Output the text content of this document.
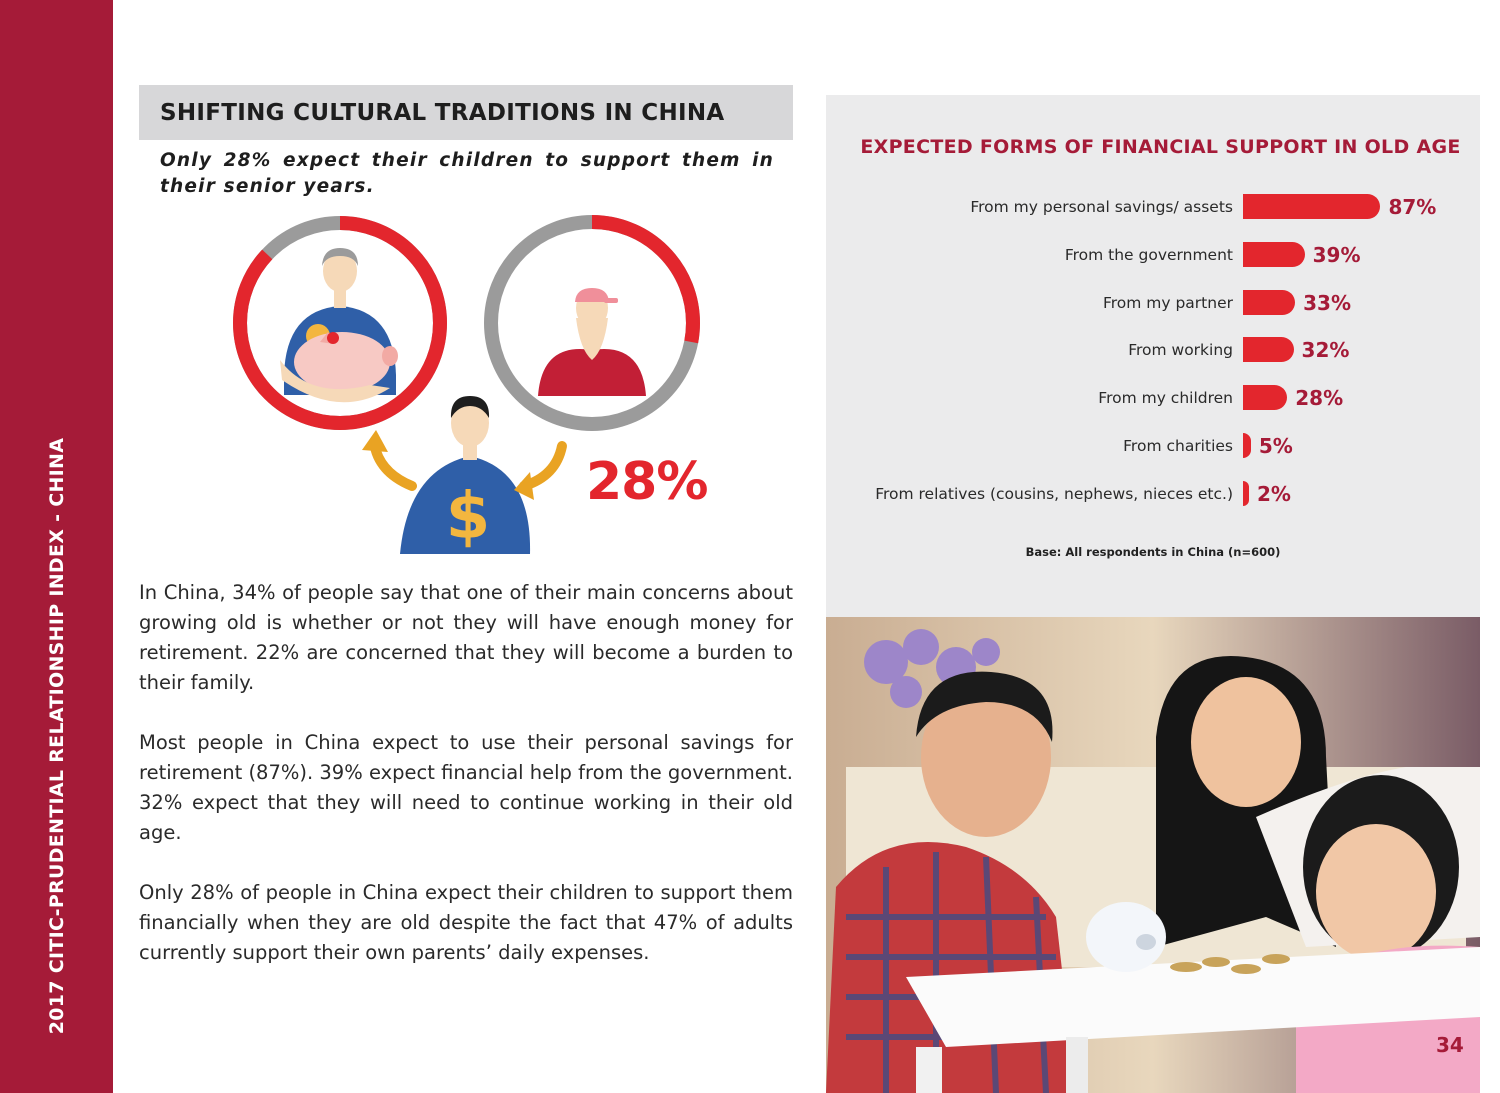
2017 CITIC-PRUDENTIAL RELATIONSHIP INDEX - CHINA
SHIFTING CULTURAL TRADITIONS IN CHINA
Only 28% expect their children to support them in their senior years.
$ 28%

In China, 34% of people say that one of their main concerns about growing old is whether or not they will have enough money for retirement. 22% are concerned that they will become a burden to their family.

Most people in China expect to use their personal savings for retirement (87%). 39% expect financial help from the government. 32% expect that they will need to continue working in their old age.

Only 28% of people in China expect their children to support them financially when they are old despite the fact that 47% of adults currently support their own parents’ daily expenses.

EXPECTED FORMS OF FINANCIAL SUPPORT IN OLD AGE
From my personal savings/ assets	87%
From the government	39%
From my partner	33%
From working	32%
From my children	28%
From charities 5%
From relatives (cousins, nephews, nieces etc.) 2%
Base: All respondents in China (n=600)
34
